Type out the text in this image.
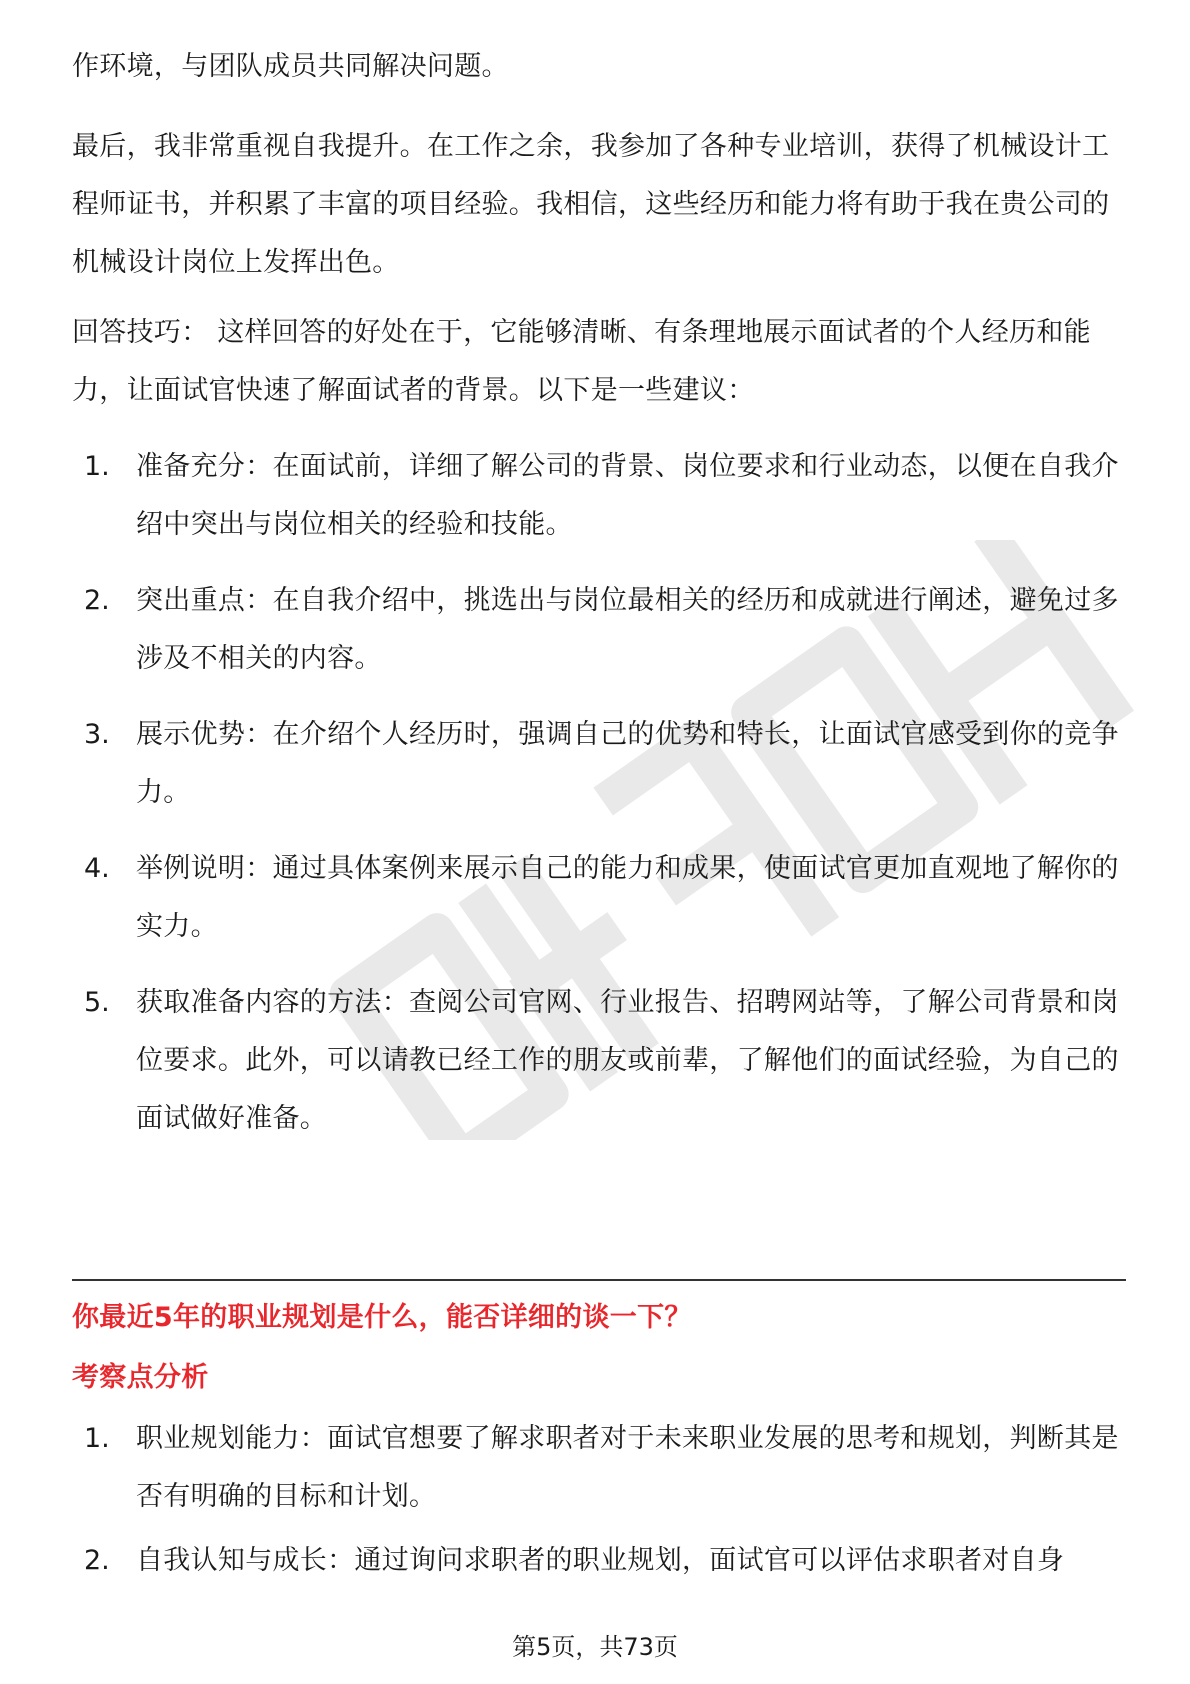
作环境，与团队成员共同解决问题。

最后，我非常重视自我提升。在工作之余，我参加了各种专业培训，获得了机械设计工程师证书，并积累了丰富的项目经验。我相信，这些经历和能力将有助于我在贵公司的机械设计岗位上发挥出色。

回答技巧： 这样回答的好处在于，它能够清晰、有条理地展示面试者的个人经历和能力，让面试官快速了解面试者的背景。以下是一些建议：

1. 准备充分：在面试前，详细了解公司的背景、岗位要求和行业动态，以便在自我介绍中突出与岗位相关的经验和技能。
2. 突出重点：在自我介绍中，挑选出与岗位最相关的经历和成就进行阐述，避免过多涉及不相关的内容。
3. 展示优势：在介绍个人经历时，强调自己的优势和特长，让面试官感受到你的竞争力。
4. 举例说明：通过具体案例来展示自己的能力和成果，使面试官更加直观地了解你的实力。
5. 获取准备内容的方法：查阅公司官网、行业报告、招聘网站等，了解公司背景和岗位要求。此外，可以请教已经工作的朋友或前辈，了解他们的面试经验，为自己的面试做好准备。
你最近5年的职业规划是什么，能否详细的谈一下？
考察点分析
1. 职业规划能力：面试官想要了解求职者对于未来职业发展的思考和规划，判断其是否有明确的目标和计划。
2. 自我认知与成长：通过询问求职者的职业规划，面试官可以评估求职者对自身
第5页，共73页
